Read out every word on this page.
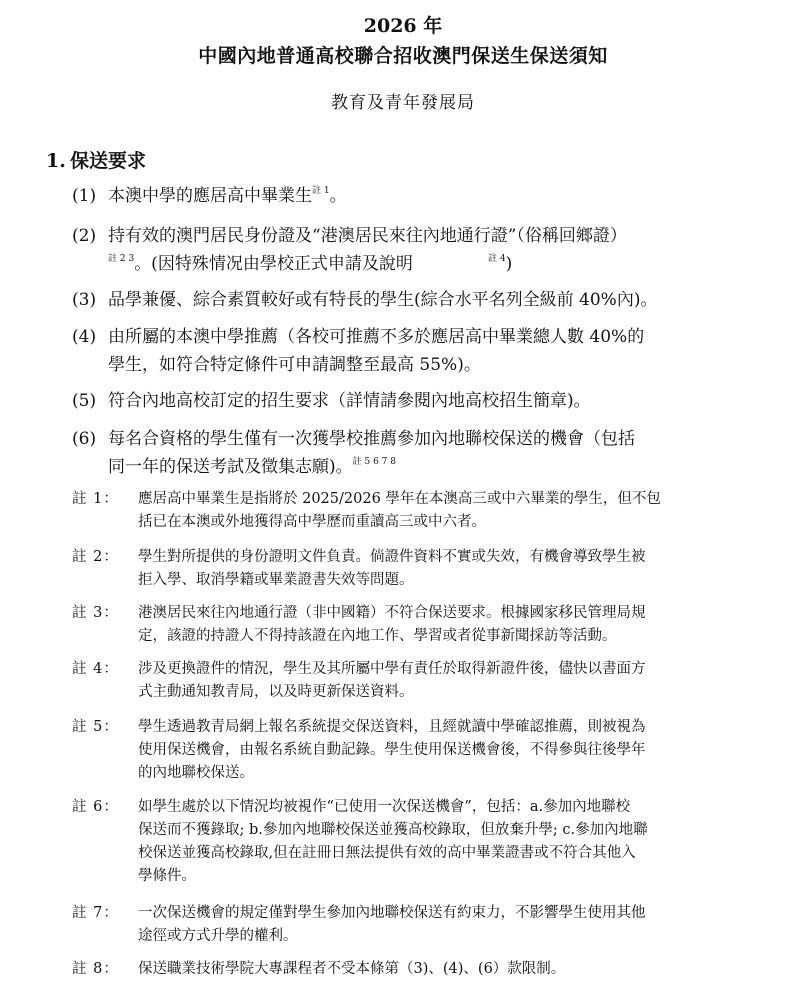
2026 年
中國內地普通高校聯合招收澳門保送生保送須知
教育及青年發展局
1. 保送要求
(1) 本澳中學的應居高中畢業生$^{註 1}$。
(2) 持有效的澳門居民身份證及“港澳居民來往內地通行證”（俗稱回鄉證）
$^{註 2 3}$。(因特殊情况由學校正式申請及說明	$^{註 4}$)
(3) 品學兼優、綜合素質較好或有特長的學生(綜合水平名列全級前 40%內)。
(4) 由所屬的本澳中學推薦（各校可推薦不多於應居高中畢業總人數 40%的
學生，如符合特定條件可申請調整至最高 55%)。
(5) 符合內地高校訂定的招生要求（詳情請參閱內地高校招生簡章)。
(6) 每名合資格的學生僅有一次獲學校推薦參加內地聯校保送的機會（包括
同一年的保送考試及徵集志願)。$^{註 5 6 7 8}$
註 1： 應居高中畢業生是指將於 2025/2026 學年在本澳高三或中六畢業的學生，但不包
括已在本澳或外地獲得高中學歷而重讀高三或中六者。
註 2： 學生對所提供的身份證明文件負責。倘證件資料不實或失效，有機會導致學生被
拒入學、取消學籍或畢業證書失效等問題。
註 3： 港澳居民來往內地通行證（非中國籍）不符合保送要求。根據國家移民管理局規
定，該證的持證人不得持該證在內地工作、學習或者從事新聞採訪等活動。
註 4： 涉及更換證件的情況，學生及其所屬中學有責任於取得新證件後，儘快以書面方
式主動通知教青局，以及時更新保送資料。
註 5： 學生透過教青局網上報名系統提交保送資料，且經就讀中學確認推薦，則被視為
使用保送機會，由報名系統自動記錄。學生使用保送機會後，不得參與往後學年
的內地聯校保送。
註 6： 如學生處於以下情況均被視作“已使用一次保送機會”，包括：a.參加內地聯校
保送而不獲錄取; b.參加內地聯校保送並獲高校錄取，但放棄升學; c.參加內地聯
校保送並獲高校錄取,但在註冊日無法提供有效的高中畢業證書或不符合其他入
學條件。
註 7： 一次保送機會的規定僅對學生參加內地聯校保送有約束力，不影響學生使用其他
途徑或方式升學的權利。
註 8： 保送職業技術學院大專課程者不受本條第（3)、(4)、(6）款限制。
